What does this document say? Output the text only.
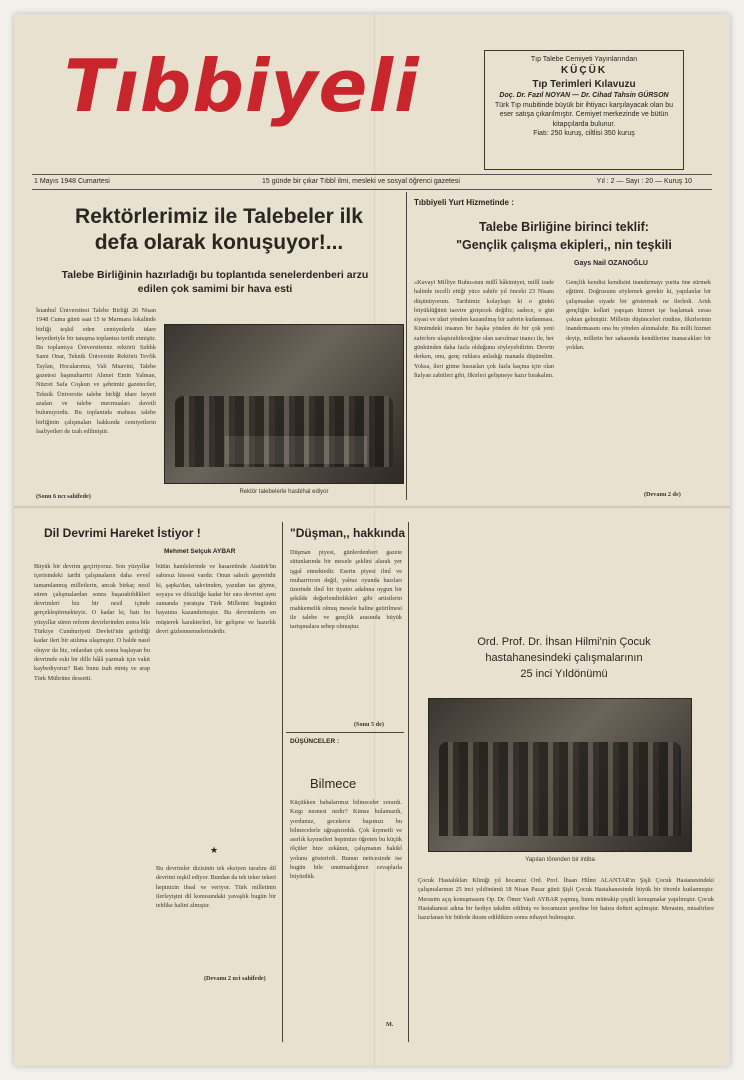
Tıbbiyeli	Tıp Talebe Cemiyeti Yayınlarından
KÜÇÜK
Tıp Terimleri Kılavuzu
Doç. Dr. Fazıl NOYAN — Dr. Cihad Tahsin GÜRSON
Türk Tıp mubitinde büyük bir ihtiyacı karşılayacak olan bu eser satışa çıkarılmıştır. Cemiyet merkezinde ve bütün kitapçılarda bulunur.
Fiatı: 250 kuruş, ciltlisi 350 kuruş
1 Mayıs 1948 Cumartesi	15 günde bir çıkar Tıbbî ilmi, mesleki ve sosyal öğrenci gazetesi	Yıl : 2 — Sayı : 20 — Kuruş 10
Rektörlerimiz ile Talebeler ilk defa olarak konuşuyor!...
Talebe Birliğinin hazırladığı bu toplantıda senelerdenberi arzu edilen çok samimi bir hava esti
İstanbul Üniversitesi Talebe Birliği 26 Nisan 1948 Cuma günü saat 15 te Marmara lokalinde birliği teşkil eden cemiyetlerle idare heyetleriyle bir tanışma toplantısı tertib etmiştir. Bu toplantıya Üniversitemiz rektörü Sıddık Sami Onar, Teknik Üniversite Rektörü Tevfik Taylan, Hocalarımız, Vali Muavini, Talebe gazetesi başmuharriri Ahmet Emin Yalman, Nüzret Safa Coşkun ve şehrimiz gazeteciler, Teknik Üniversite talebe birliği idare heyeti azaları ve talebe mecmuaları davetli bulunuyordu. Bu toplantıda mahsus talebe birliğinin çalışmaları hakkında cemiyetlerin faaliyetleri de izah edilmiştir.
(Sonu 6 ncı sahifede)
Rektör talebelerle hasbihal ediyor
Tıbbiyeli Yurt Hizmetinde :
Talebe Birliğine birinci teklif:
"Gençlik çalışma ekipleri,, nin teşkili
Gays Nail OZANOĞLU
«Kuvayi Milliye Ruhu»nun millî hâkimiyet, millî irade halinde tecelli ettiği yüce sahife yıl önceki 23 Nisanı düşünüyorum. Tarihimiz kolaylaştı ki o günkü büyüklüğünü tasvire girişecek değiliz; sadece, o gün siyasi ve idari yönden kazanılmış bir zaferin kutlanması. Kimimdeki insanın bir başka yönden de bir çok yeni zaferlere ulaştırabileceğine olan sarsılmaz inancı ile, her günkünden daha fazla olduğunu söyleyebilirim. Devrin derken, onu, genç ruhlara anladığı manada düşünelim. Yoksa, ileri gitme hususları çok fazla kaçma için olan İtalyan zabitleri gibi, fikirleri gelişmeye hazır bırakalım.
Gençlik kendisi kendisini inandırmayı yurtta öne sürmek eğitimi. Doğrusunu söylemek gerekir ki, yapılanlar bir çalışmadan siyade bir göstermek ne ilerledi. Artık gençliğin kollari yapışan hizmet işe başlamak sırası çoktan gelmiştir. Milletin düşünceleri rindine, fikirlerinin inandırmasını ona bu yönden alınmalıdır. Bu milli hizmet deyip, milletin her sahasında kendilerine inanacakları bir yoldan.
(Devamı 2 de)
Dil Devrimi Hareket İstiyor !
Mehmet Selçuk AYBAR
Büyük bir devrim geçiriyoruz. Son yüzyıllar içerisindeki tarihi çalışmaların daha evvel tamamlanmış milletlerin, ancak birkaç nesil süren çalışmalardan sonra başarabildikleri devrimleri biz bir nesil içinde gerçekleştirmekteyiz. O kadar ki, batı bu yüzyıllar süren reform devirlerinden sonra bile Türkiye Cumhuriyeti Devleti'nin getirdiği kadar ileri bir atılıma ulaşmıştır. O halde nasıl oluyor da biz, onlardan çok sonra başlayan bu devrimde eski bir dille hâlâ yazmak için vakit kaybediyoruz? Batı bunu izah etmiş ve arap Türk Mührüne dessetti.
bütün hamlelerinde ve hasaretinde Atatürk'ün sabırsız hissesi vardır. Onun sabırlı gayretidir ki, şapka'dan, takvimden, yazıdan tas giyme, soyaya ve dilsizliğe kadar bir sıra devrimi aynı zamanda yaratışta Türk Milletini bugünkü hayatına kazandırmıştır. Bu devrimlerin en müşterek karakterleri, bir gelişme ve hazırlık devri gizlenmemelerindedir.
★
Bu devrimler dizisinin tek eksiyen tarafını dil devrimi teşkil ediyor. Bundan da tek teker tekeri hepinizin ihsal ve veriyor. Türk milletinin ilerleyişini dil konusundaki yavaşlık bugün bir tehlike halini almıştır.
(Devamı 2 nci sahifede)
"Düşman,, hakkında
Düşman piyesi, günlerdenberi gazete sütunlarında bir mesele şeklini alarak yer işgal etmektedir. Eserin piyesi ilmî ve muharrircen değil, yalnız oyunda bazıları üzerinde ilmî bir tiyatro adabına uygun bir şekilde değerlendirdikleri gibi artistlerin mahkemelik olmuş mesele haline getirilmesi ile talebe ve gençlik arasında büyük tartışmalara sebep olmuştur.
(Sonu 5 de)
DÜŞÜNCELER :
Bilmece
Küçükken babalarımız bilmeceler sorardı. Kırgı nesnesi nedir? Kimse bulamazdı, yordunuz, gecelerce başımızı bu bilmecelerle uğraştırırdık. Çok kıymetli ve asırlık kıymetleri hepimize öğreten bu küçük ölçüler bize zekânın, çalışmanın hakikî yolunu gösterirdi. Bunun neticesinde ise bugün bile unutmadığımız cevaplarla büyürdük.
M.
Ord. Prof. Dr. İhsan Hilmi'nin Çocuk
hastahanesindeki çalışmalarının
25 inci Yıldönümü
Yapılan törenden bir intiba
Çocuk Hastalıkları Kliniği yıl hocamız Ord. Prof. İhsan Hilmi ALANTAR'ın Şişli Çocuk Hastanesindeki çalışmalarının 25 inci yıldönümü 18 Nisan Pazar günü Şişli Çocuk Hastahanesinde büyük bir törenle kutlanmıştır. Merasim açış konuşmasını Op. Dr. Ömer Vasfi AYBAR yapmış, bunu müteakip çeşitli konuşmalar yapılmıştır. Çocuk Hastahanesi adına bir hediye takdim edilmiş ve hocamızın şerefine bir hatıra defteri açılmıştır. Merasim, misafirlere hazırlanan bir büfede ikram edildikten sonra nihayet bulmuştur.
